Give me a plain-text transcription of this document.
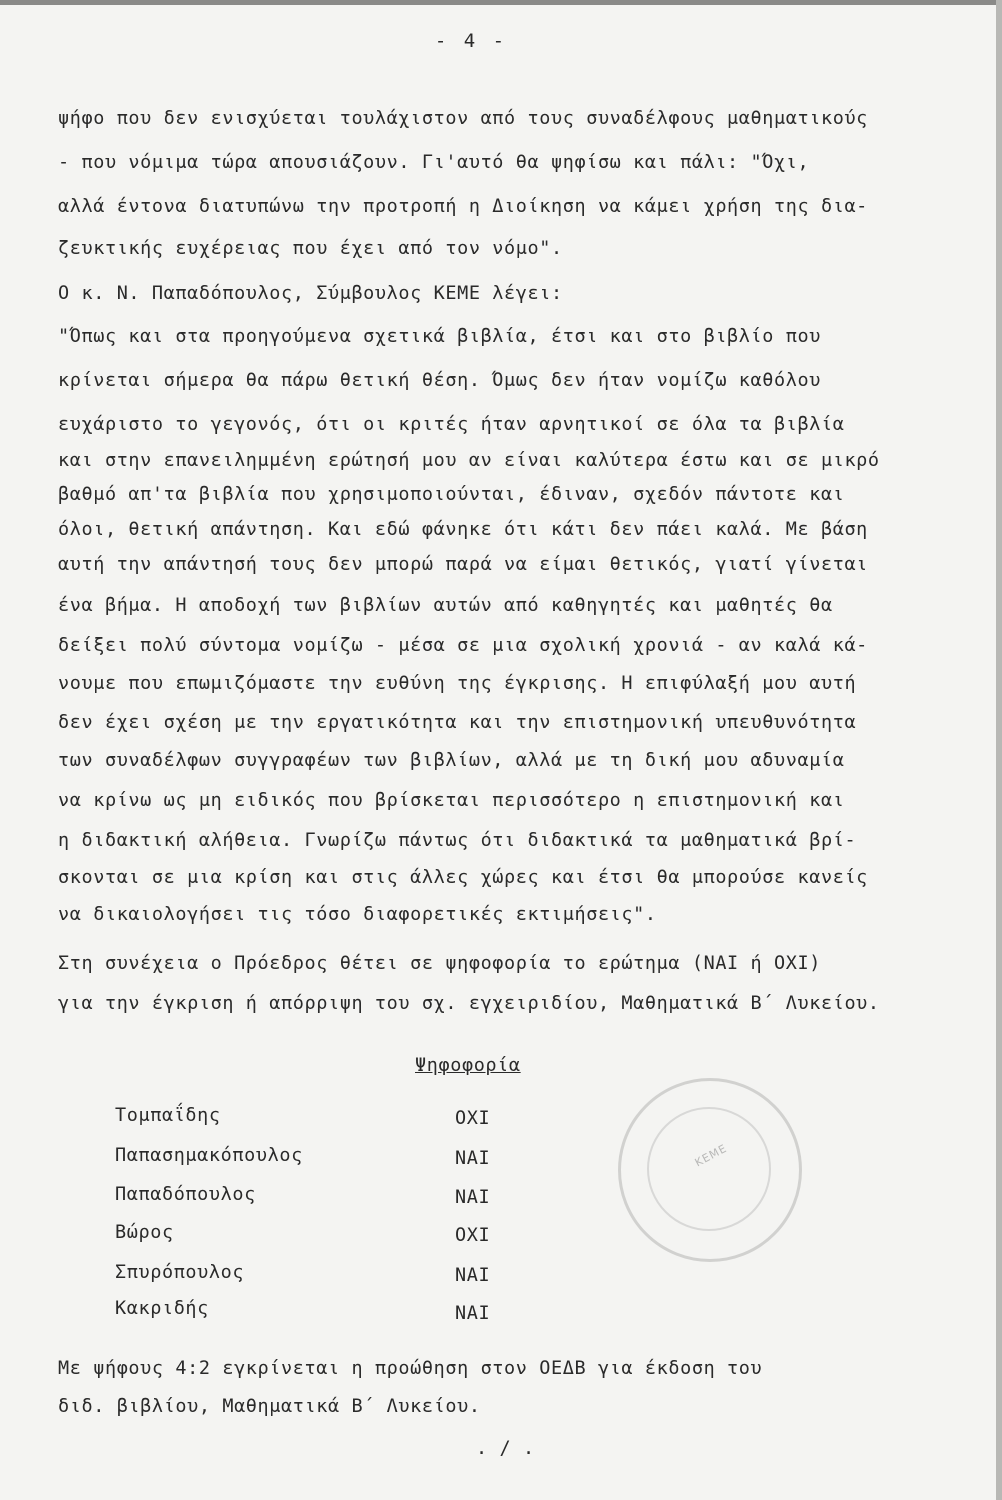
- 4 -
ψήφο που δεν ενισχύεται τουλάχιστον από τους συναδέλφους μαθηματικούς
- που νόμιμα τώρα απουσιάζουν. Γι'αυτό θα ψηφίσω και πάλι: "Όχι,
αλλά έντονα διατυπώνω την προτροπή η Διοίκηση να κάμει χρήση της δια-
ζευκτικής ευχέρειας που έχει από τον νόμο".
Ο κ. Ν. Παπαδόπουλος, Σύμβουλος ΚΕΜΕ λέγει:
"Όπως και στα προηγούμενα σχετικά βιβλία, έτσι και στο βιβλίο που
κρίνεται σήμερα θα πάρω θετική θέση. Όμως δεν ήταν νομίζω καθόλου
ευχάριστο το γεγονός, ότι οι κριτές ήταν αρνητικοί σε όλα τα βιβλία
και στην επανειλημμένη ερώτησή μου αν είναι καλύτερα έστω και σε μικρό
βαθμό απ'τα βιβλία που χρησιμοποιούνται, έδιναν, σχεδόν πάντοτε και
όλοι, θετική απάντηση. Και εδώ φάνηκε ότι κάτι δεν πάει καλά. Με βάση
αυτή την απάντησή τους δεν μπορώ παρά να είμαι θετικός, γιατί γίνεται
ένα βήμα. Η αποδοχή των βιβλίων αυτών από καθηγητές και μαθητές θα
δείξει πολύ σύντομα νομίζω - μέσα σε μια σχολική χρονιά - αν καλά κά-
νουμε που επωμιζόμαστε την ευθύνη της έγκρισης. Η επιφύλαξή μου αυτή
δεν έχει σχέση με την εργατικότητα και την επιστημονική υπευθυνότητα
των συναδέλφων συγγραφέων των βιβλίων, αλλά με τη δική μου αδυναμία
να κρίνω ως μη ειδικός που βρίσκεται περισσότερο η επιστημονική και
η διδακτική αλήθεια. Γνωρίζω πάντως ότι διδακτικά τα μαθηματικά βρί-
σκονται σε μια κρίση και στις άλλες χώρες και έτσι θα μπορούσε κανείς
να δικαιολογήσει τις τόσο διαφορετικές εκτιμήσεις".
Στη συνέχεια ο Πρόεδρος θέτει σε ψηφοφορία το ερώτημα (ΝΑΙ ή ΟΧΙ)
για την έγκριση ή απόρριψη του σχ. εγχειριδίου, Μαθηματικά Β΄ Λυκείου.
Ψηφοφορία
Τομπαΐδης	ΟΧΙ
Παπασημακόπουλος	ΝΑΙ
Παπαδόπουλος	ΝΑΙ
Βώρος	ΟΧΙ
Σπυρόπουλος	ΝΑΙ
Κακριδής	ΝΑΙ
Με ψήφους 4:2 εγκρίνεται η προώθηση στον ΟΕΔΒ για έκδοση του
διδ. βιβλίου, Μαθηματικά Β΄ Λυκείου.
. / .
ΚΕΜΕ
